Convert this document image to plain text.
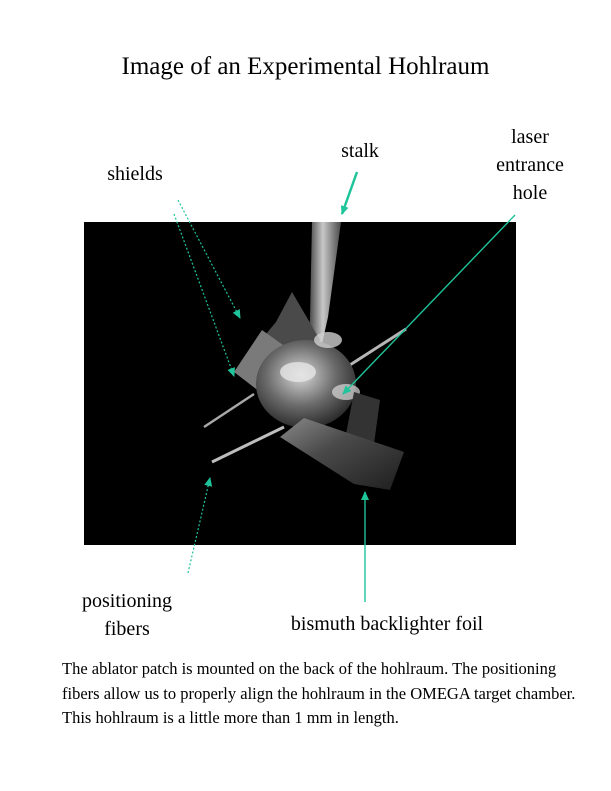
Image of an Experimental Hohlraum
shields
stalk
laser
entrance
hole
positioning
fibers	bismuth backlighter foil
The ablator patch is mounted on the back of the hohlraum. The positioning fibers allow us to properly align the hohlraum in the OMEGA target chamber. This hohlraum is a little more than 1 mm in length.
